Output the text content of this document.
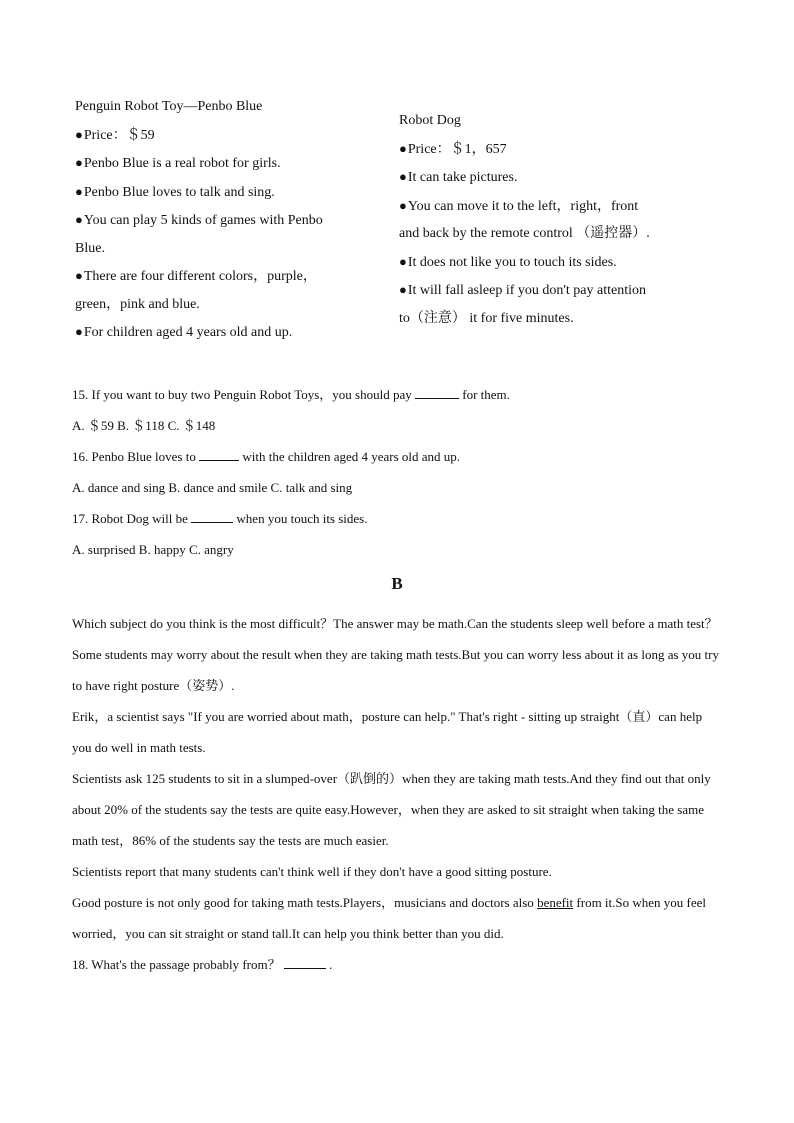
Penguin Robot Toy—Penbo Blue
●Price：＄59
●Penbo Blue is a real robot for girls.
●Penbo Blue loves to talk and sing.
●You can play 5 kinds of games with Penbo
Blue.
●There are four different colors，purple，
green，pink and blue.
●For children aged 4 years old and up.
Robot Dog
●Price：＄1，657
●It can take pictures.
●You can move it to the left，right，front
and back by the remote control （遥控器）.
●It does not like you to touch its sides.
●It will fall asleep if you don't pay attention
to（注意） it for five minutes.
15. If you want to buy two Penguin Robot Toys，you should pay	for them.
A. ＄59 B. ＄118 C. ＄148
16. Penbo Blue loves to	with the children aged 4 years old and up.
A. dance and sing B. dance and smile C. talk and sing
17. Robot Dog will be	when you touch its sides.
A. surprised B. happy C. angry
B
Which subject do you think is the most difficult？The answer may be math.Can the students sleep well before a math test？Some students may worry about the result when they are taking math tests.But you can worry less about it as long as you try to have right posture（姿势）.
Erik，a scientist says "If you are worried about math，posture can help." That's right - sitting up straight（直）can help you do well in math tests.
Scientists ask 125 students to sit in a slumped-over（趴倒的）when they are taking math tests.And they find out that only about 20% of the students say the tests are quite easy.However，when they are asked to sit straight when taking the same math test，86% of the students say the tests are much easier.
Scientists report that many students can't think well if they don't have a good sitting posture.
Good posture is not only good for taking math tests.Players，musicians and doctors also benefit from it.So when you feel worried，you can sit straight or stand tall.It can help you think better than you did.
18. What's the passage probably from？	.
